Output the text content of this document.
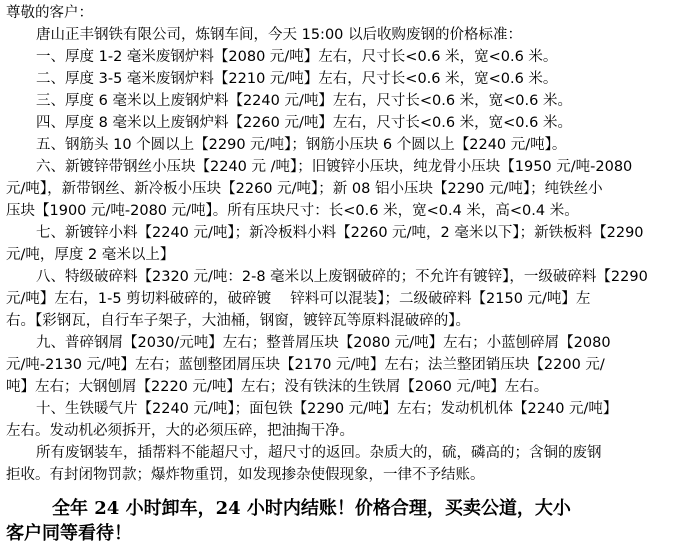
尊敬的客户：
唐山正丰钢铁有限公司，炼钢车间，今天 15:00 以后收购废钢的价格标准：
一、厚度 1-2 毫米废钢炉料【2080 元/吨】左右，尺寸长<0.6 米，宽<0.6 米。
二、厚度 3-5 毫米废钢炉料【2210 元/吨】左右，尺寸长<0.6 米，宽<0.6 米。
三、厚度 6 毫米以上废钢炉料【2240 元/吨】左右，尺寸长<0.6 米，宽<0.6 米。
四、厚度 8 毫米以上废钢炉料【2260 元/吨】左右，尺寸长<0.6 米，宽<0.6 米。
五、钢筋头 10 个圆以上【2290 元/吨】；钢筋小压块 6 个圆以上【2240 元/吨】。
六、新镀锌带钢丝小压块【2240 元 /吨】；旧镀锌小压块，纯龙骨小压块【1950 元/吨-2080
元/吨】，新带钢丝、新冷板小压块【2260 元/吨】；新 08 铝小压块【2290 元/吨】；纯铁丝小
压块【1900 元/吨-2080 元/吨】。所有压块尺寸：长<0.6 米，宽<0.4 米，高<0.4 米。
七、新镀锌小料【2240 元/吨】；新冷板料小料【2260 元/吨，2 毫米以下】；新铁板料【2290
元/吨，厚度 2 毫米以上】
八、特级破碎料【2320 元/吨：2-8 毫米以上废钢破碎的；不允许有镀锌】，一级破碎料【2290
元/吨】左右，1-5 剪切料破碎的，破碎镀　 锌料可以混装】；二级破碎料【2150 元/吨】左
右。【彩钢瓦，自行车子架子，大油桶，钢窗，镀锌瓦等原料混破碎的】。
九、普碎钢屑【2030/元吨】左右；整普屑压块【2080 元/吨】左右；小蓝刨碎屑【2080
元/吨-2130 元/吨】左右；蓝刨整团屑压块【2170 元/吨】左右；法兰整团销压块【2200 元/
吨】左右；大钢刨屑【2220 元/吨】左右；没有铁沫的生铁屑【2060 元/吨】左右。
十、生铁暖气片【2240 元/吨】；面包铁【2290 元/吨】左右；发动机机体【2240 元/吨】
左右。发动机必须拆开，大的必须压碎，把油掏干净。
所有废钢装车，插帮料不能超尺寸，超尺寸的返回。杂质大的，硫，磷高的；含铜的废钢
拒收。有封闭物罚款；爆炸物重罚，如发现掺杂使假现象，一律不予结账。
全年 24 小时卸车，24 小时内结账！价格合理，买卖公道，大小
客户同等看待！
